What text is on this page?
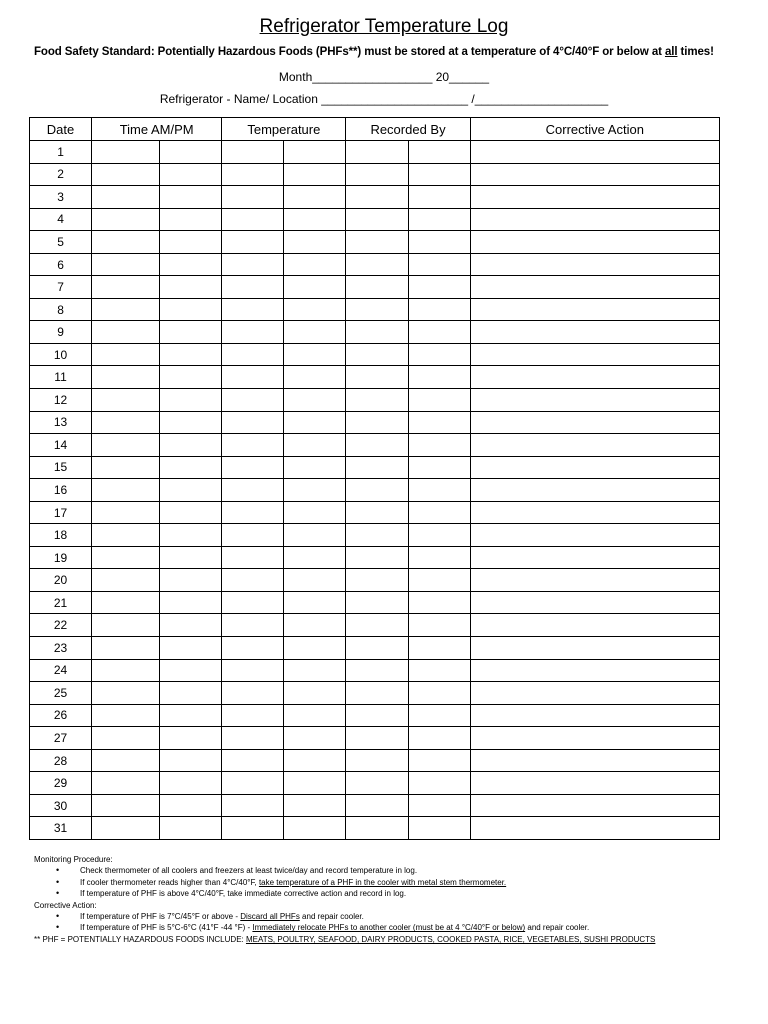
Refrigerator Temperature Log
Food Safety Standard: Potentially Hazardous Foods (PHFs**) must be stored at a temperature of 4°C/40°F or below at all times!
Month__________________ 20______
Refrigerator - Name/ Location ______________________ /____________________
Date	Time AM/PM		Temperature		Recorded By		Corrective Action
1							
2							
3							
4							
5							
6							
7							
8							
9							
10							
11							
12							
13							
14							
15							
16							
17							
18							
19							
20							
21							
22							
23							
24							
25							
26							
27							
28							
29							
30							
31							
Monitoring Procedure:
• Check thermometer of all coolers and freezers at least twice/day and record temperature in log.
• If cooler thermometer reads higher than 4°C/40°F, take temperature of a PHF in the cooler with metal stem thermometer.
• If temperature of PHF is above 4°C/40°F, take immediate corrective action and record in log.
Corrective Action:
• If temperature of PHF is 7°C/45°F or above - Discard all PHFs and repair cooler.
• If temperature of PHF is 5°C-6°C (41°F -44 °F) - Immediately relocate PHFs to another cooler (must be at 4 °C/40°F or below) and repair cooler.
** PHF = POTENTIALLY HAZARDOUS FOODS INCLUDE: MEATS, POULTRY, SEAFOOD, DAIRY PRODUCTS, COOKED PASTA, RICE, VEGETABLES, SUSHI PRODUCTS
